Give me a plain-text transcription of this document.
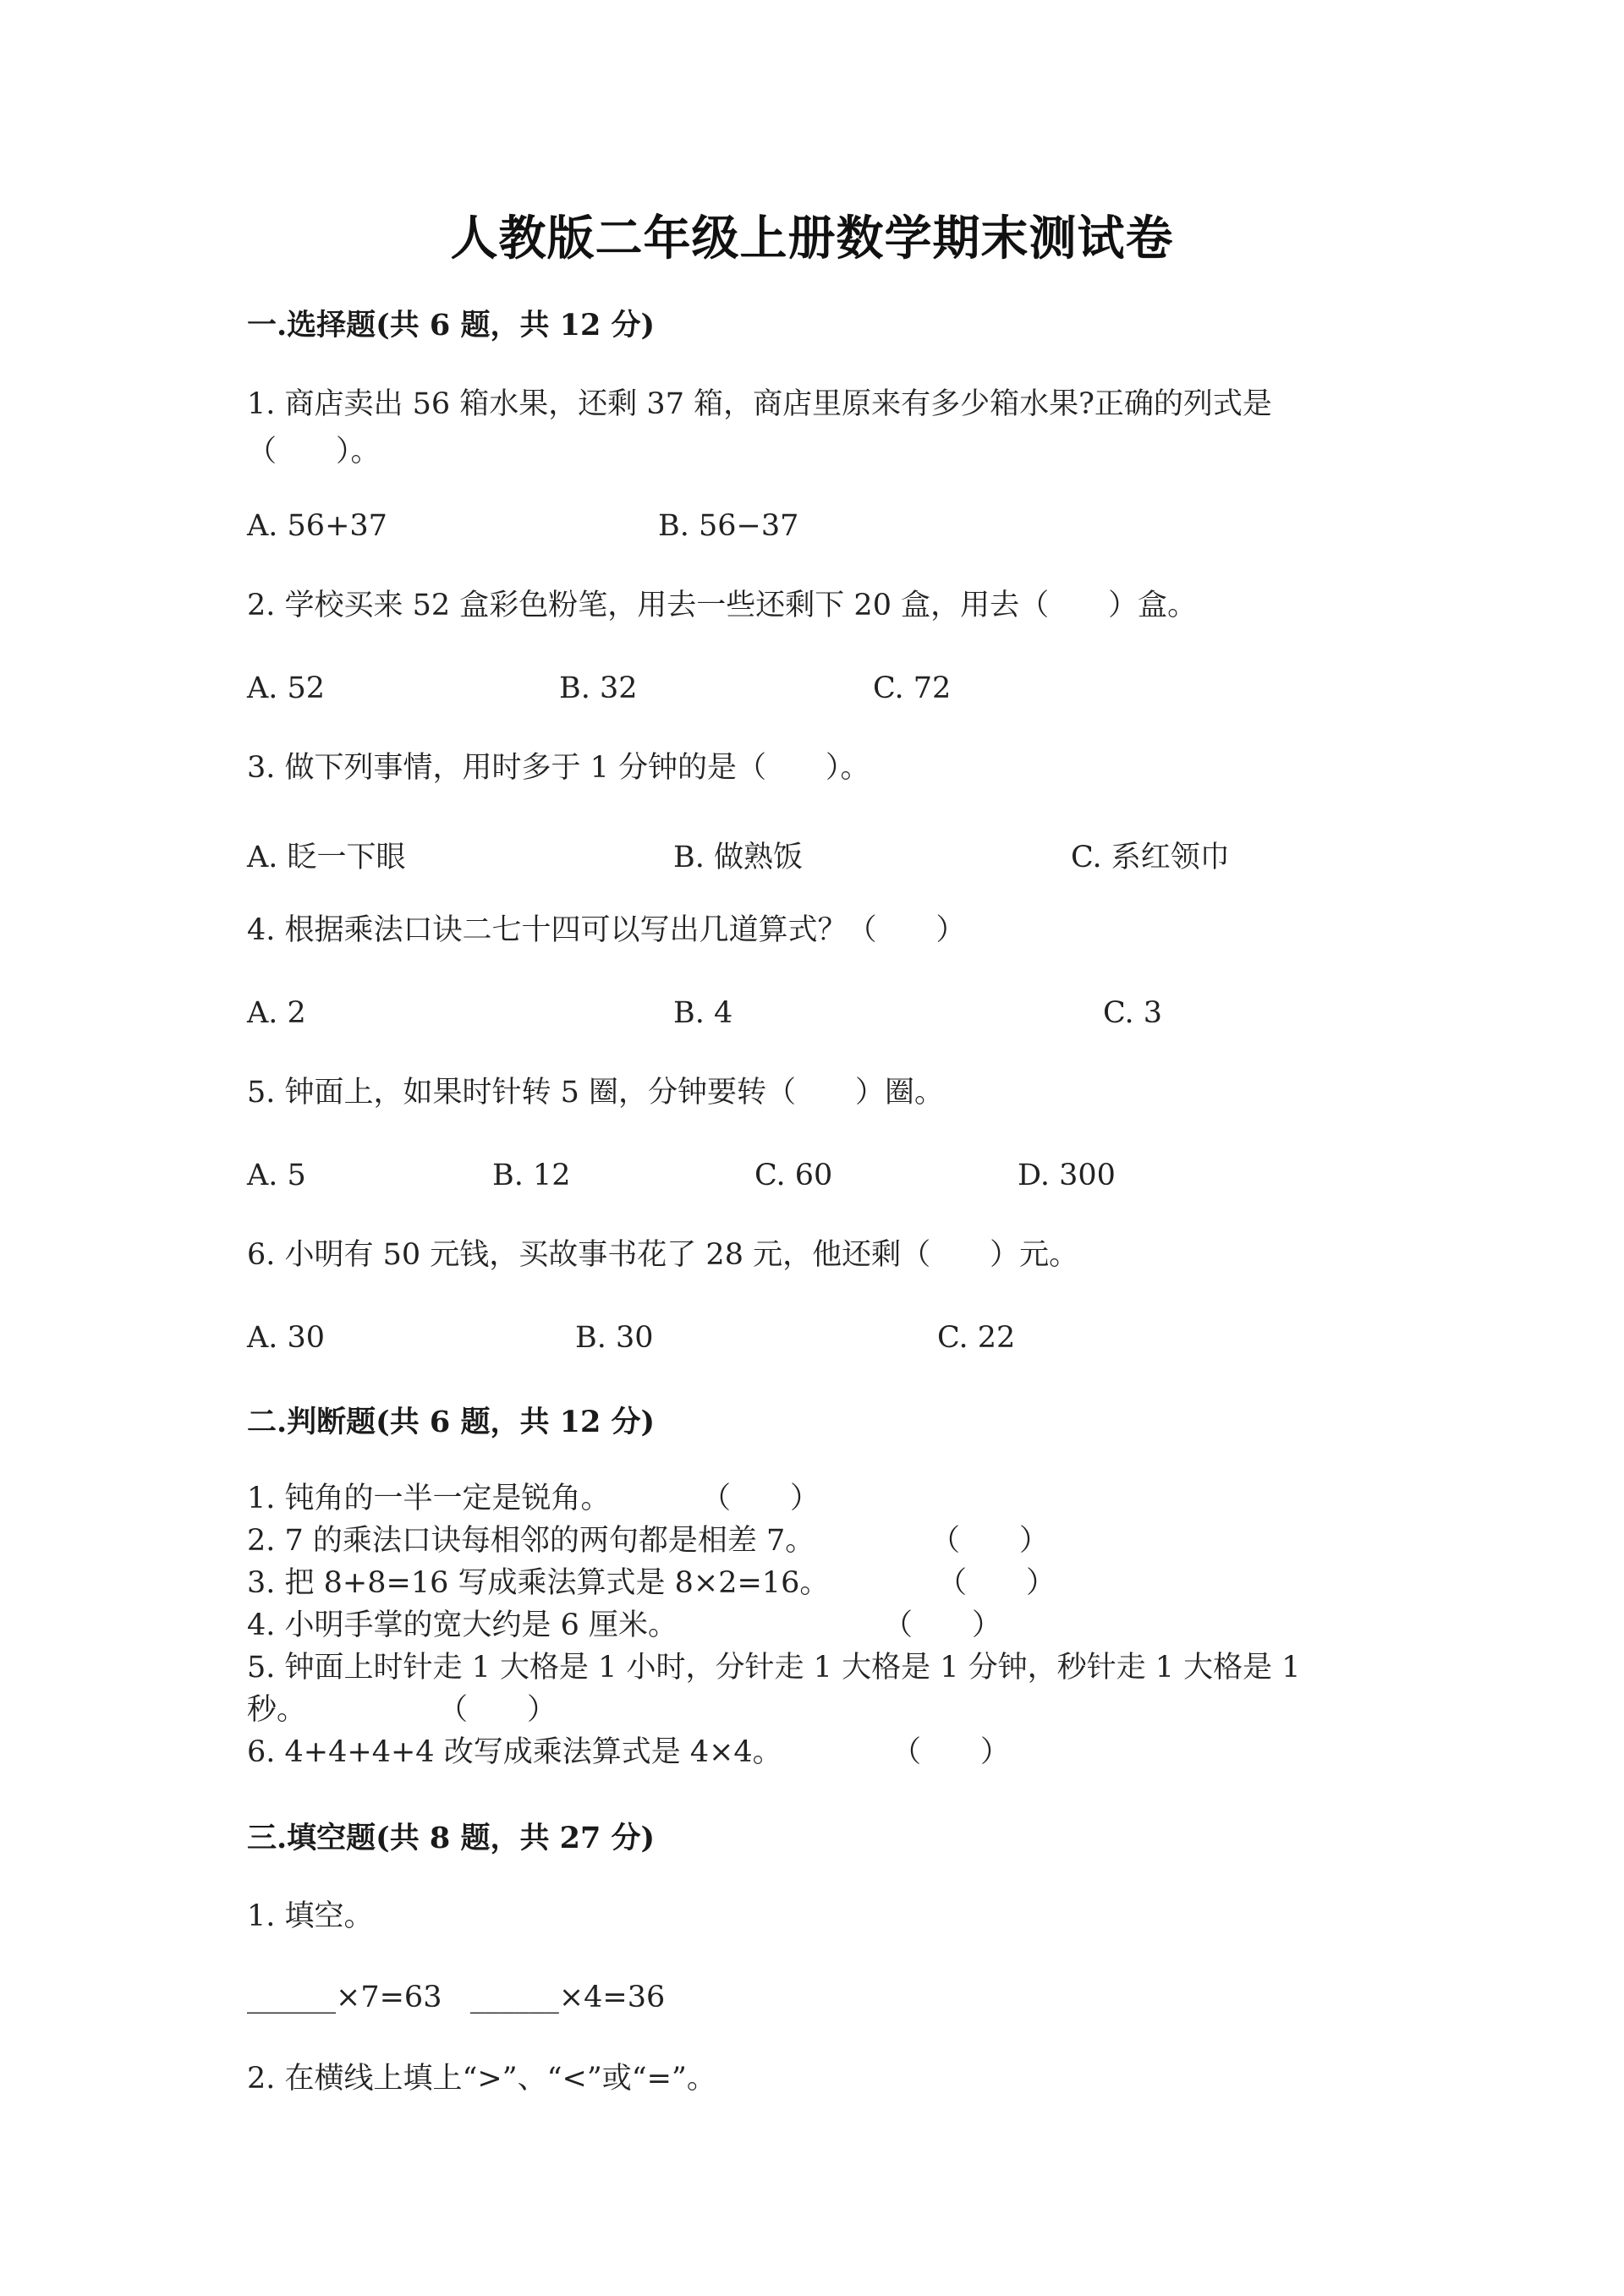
人教版二年级上册数学期末测试卷
一.选择题(共 6 题，共 12 分)
1. 商店卖出 56 箱水果，还剩 37 箱，商店里原来有多少箱水果?正确的列式是（　　）。
A. 56+37	B. 56−37
2. 学校买来 52 盒彩色粉笔，用去一些还剩下 20 盒，用去（　　）盒。
A. 52	B. 32	C. 72
3. 做下列事情，用时多于 1 分钟的是（　　）。
A. 眨一下眼	B. 做熟饭	C. 系红领巾
4. 根据乘法口诀二七十四可以写出几道算式？（　　）
A. 2	B. 4	C. 3
5. 钟面上，如果时针转 5 圈，分钟要转（　　）圈。
A. 5	B. 12	C. 60	D. 300
6. 小明有 50 元钱，买故事书花了 28 元，他还剩（　　）元。
A. 30	B. 30	C. 22
二.判断题(共 6 题，共 12 分)
1. 钝角的一半一定是锐角。	（　　）
2. 7 的乘法口诀每相邻的两句都是相差 7。	（　　）
3. 把 8+8=16 写成乘法算式是 8×2=16。	（　　）
4. 小明手掌的宽大约是 6 厘米。	（　　）
5. 钟面上时针走 1 大格是 1 小时，分针走 1 大格是 1 分钟，秒针走 1 大格是 1
秒。	（　　）
6. 4+4+4+4 改写成乘法算式是 4×4。	（　　）
三.填空题(共 8 题，共 27 分)
1. 填空。
______×7=63   ______×4=36
2. 在横线上填上“>”、“<”或“=”。
